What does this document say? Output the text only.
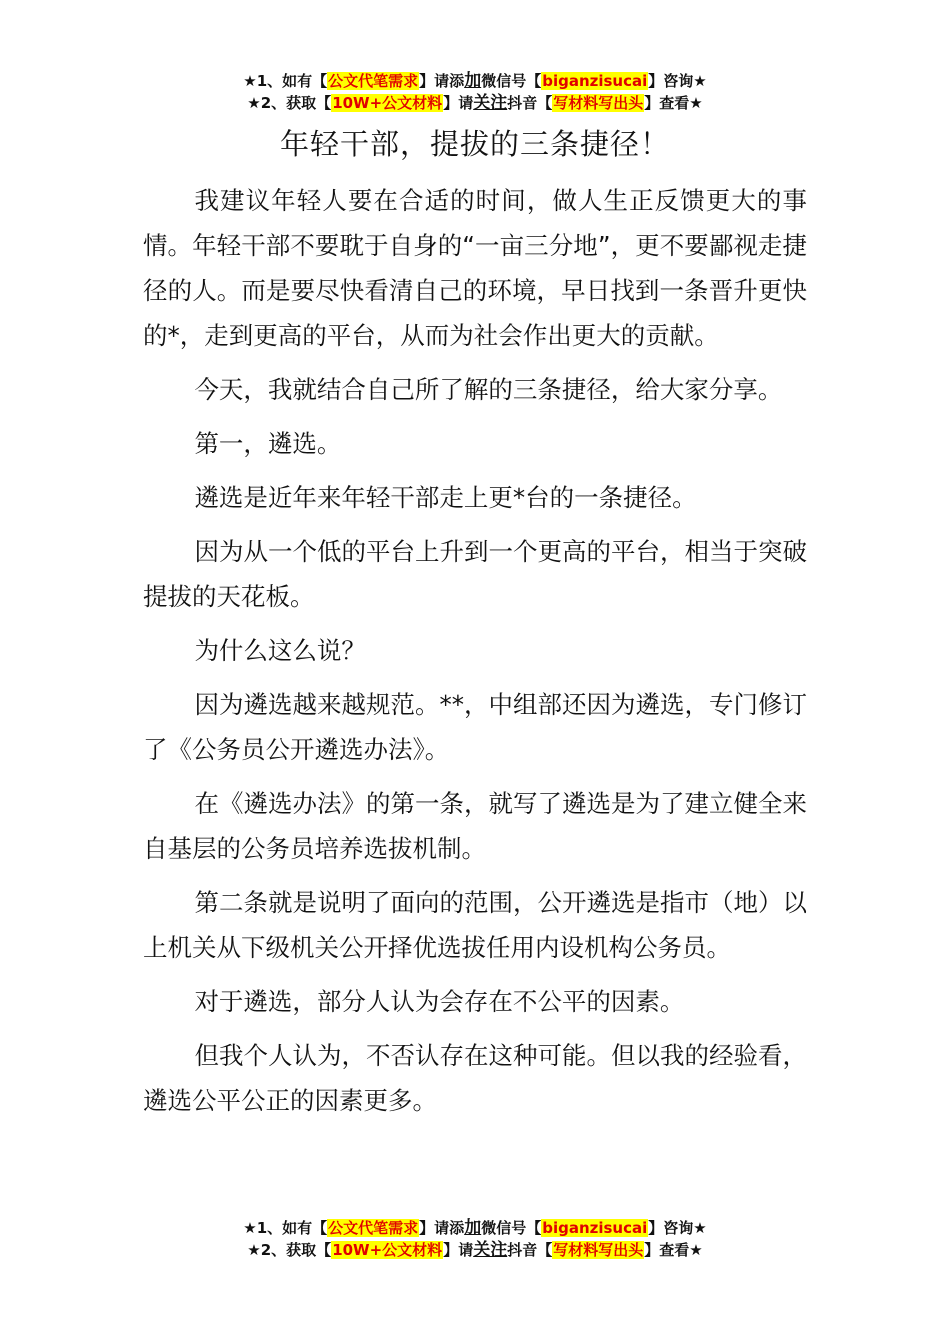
★1、如有【公文代笔需求】请添加微信号【biganzisucai】咨询★
★2、获取【10W+公文材料】请关注抖音【写材料写出头】查看★
年轻干部，提拔的三条捷径！

我建议年轻人要在合适的时间，做人生正反馈更大的事情。年轻干部不要耽于自身的“一亩三分地”，更不要鄙视走捷径的人。而是要尽快看清自己的环境，早日找到一条晋升更快的*，走到更高的平台，从而为社会作出更大的贡献。

今天，我就结合自己所了解的三条捷径，给大家分享。

第一，遴选。

遴选是近年来年轻干部走上更*台的一条捷径。

因为从一个低的平台上升到一个更高的平台，相当于突破提拔的天花板。

为什么这么说？

因为遴选越来越规范。**，中组部还因为遴选，专门修订了《公务员公开遴选办法》。

在《遴选办法》的第一条，就写了遴选是为了建立健全来自基层的公务员培养选拔机制。

第二条就是说明了面向的范围，公开遴选是指市（地）以上机关从下级机关公开择优选拔任用内设机构公务员。

对于遴选，部分人认为会存在不公平的因素。

但我个人认为，不否认存在这种可能。但以我的经验看，遴选公平公正的因素更多。

★1、如有【公文代笔需求】请添加微信号【biganzisucai】咨询★
★2、获取【10W+公文材料】请关注抖音【写材料写出头】查看★
